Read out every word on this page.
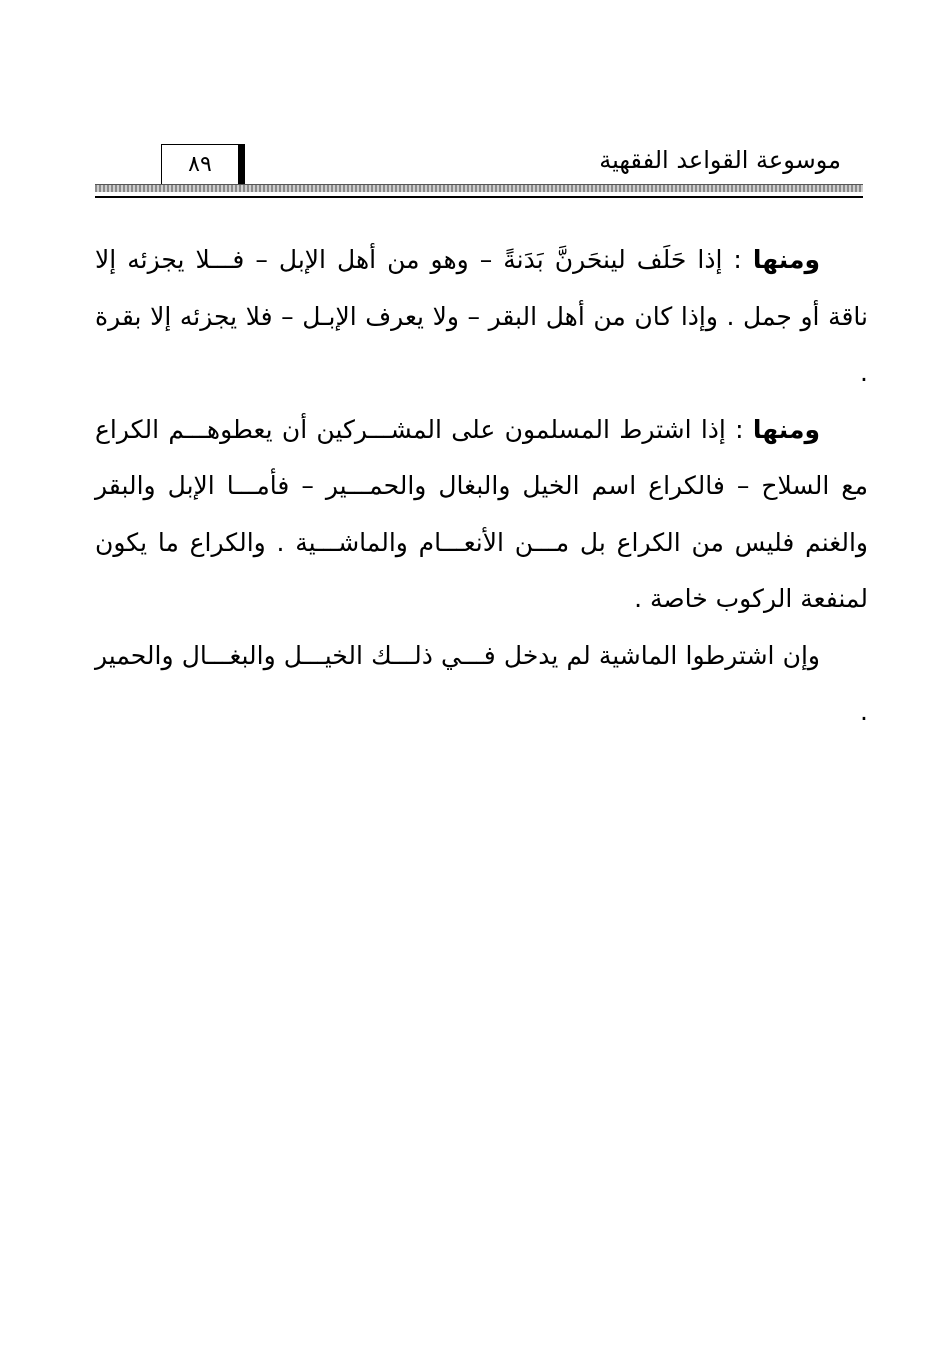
موسوعة القواعد الفقهية
٨٩

ومنها : إذا حَلَف لينحَرنَّ بَدَنةً – وهو من أهل الإبل – فـــلا يجزئه إلا ناقة أو جمل . وإذا كان من أهل البقر – ولا يعرف الإبـل – فلا يجزئه إلا بقرة .

ومنها : إذا اشترط المسلمون على المشـــركين أن يعطوهـــم الكراع مع السلاح – فالكراع اسم الخيل والبغال والحمـــير – فأمـــا الإبل والبقر والغنم فليس من الكراع بل مـــن الأنعـــام والماشـــية . والكراع ما يكون لمنفعة الركوب خاصة .

وإن اشترطوا الماشية لم يدخل فـــي ذلـــك الخيـــل والبغـــال والحمير .
